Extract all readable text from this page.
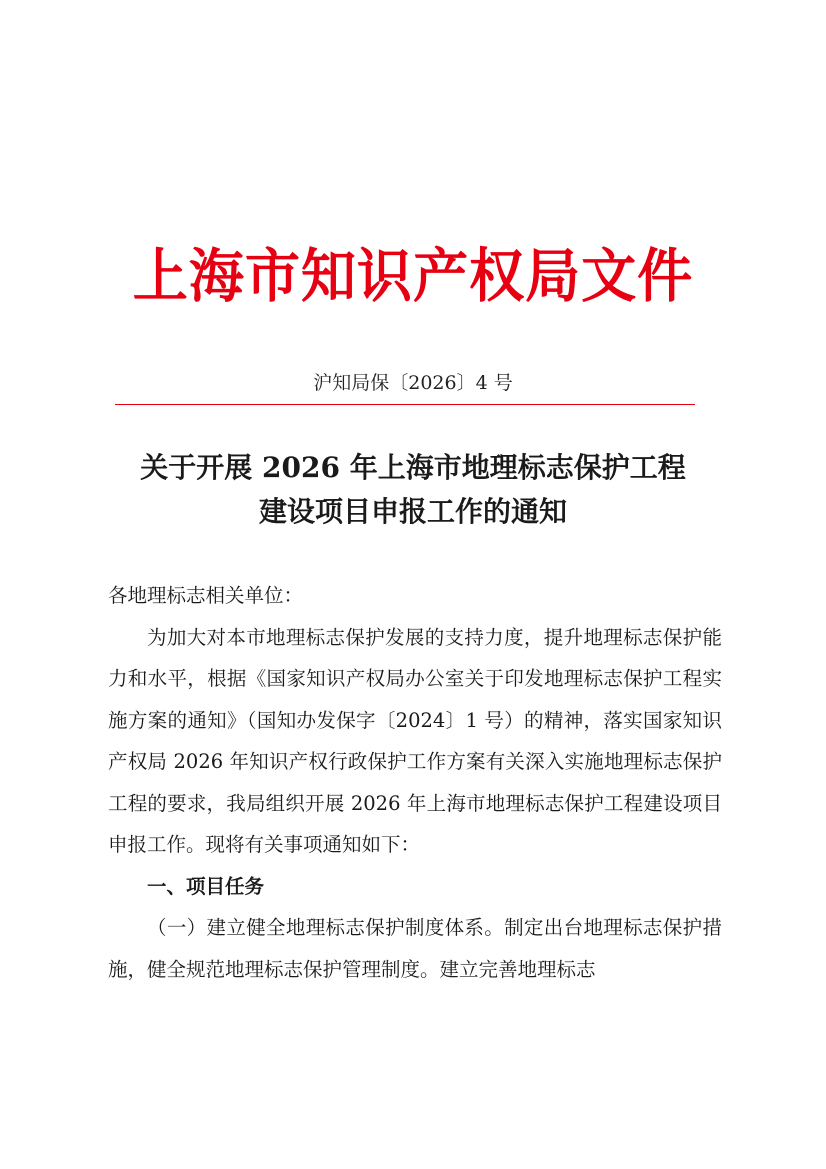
上海市知识产权局文件
沪知局保〔2026〕4 号
关于开展 2026 年上海市地理标志保护工程
建设项目申报工作的通知

各地理标志相关单位：

为加大对本市地理标志保护发展的支持力度，提升地理标志保护能力和水平，根据《国家知识产权局办公室关于印发地理标志保护工程实施方案的通知》（国知办发保字〔2024〕1 号）的精神，落实国家知识产权局 2026 年知识产权行政保护工作方案有关深入实施地理标志保护工程的要求，我局组织开展 2026 年上海市地理标志保护工程建设项目申报工作。现将有关事项通知如下：

一、项目任务

（一）建立健全地理标志保护制度体系。制定出台地理标志保护措施，健全规范地理标志保护管理制度。建立完善地理标志
